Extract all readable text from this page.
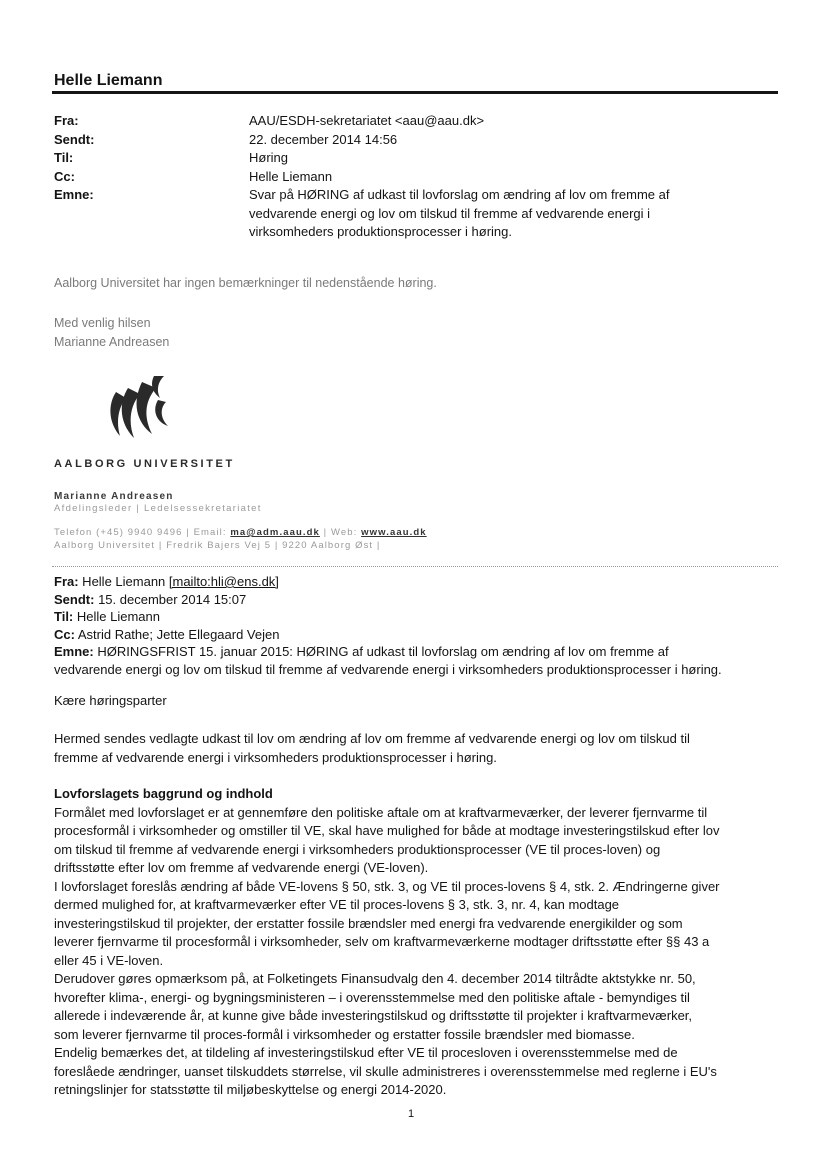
Helle Liemann
Fra:
Sendt:
Til:
Cc:
Emne:
AAU/ESDH-sekretariatet <aau@aau.dk>
22. december 2014 14:56
Høring
Helle Liemann
Svar på HØRING af udkast til lovforslag om ændring af lov om fremme af
vedvarende energi og lov om tilskud til fremme af vedvarende energi i
virksomheders produktionsprocesser i høring.
Aalborg Universitet har ingen bemærkninger til nedenstående høring.
Med venlig hilsen
Marianne Andreasen
AALBORG UNIVERSITET
Marianne Andreasen
Afdelingsleder | Ledelsessekretariatet
Telefon (+45) 9940 9496 | Email: ma@adm.aau.dk | Web: www.aau.dk
Aalborg Universitet | Fredrik Bajers Vej 5 | 9220 Aalborg Øst |
Fra: Helle Liemann [mailto:hli@ens.dk]
Sendt: 15. december 2014 15:07
Til: Helle Liemann
Cc: Astrid Rathe; Jette Ellegaard Vejen
Emne: HØRINGSFRIST 15. januar 2015: HØRING af udkast til lovforslag om ændring af lov om fremme af
vedvarende energi og lov om tilskud til fremme af vedvarende energi i virksomheders produktionsprocesser i høring.
Kære høringsparter
Hermed sendes vedlagte udkast til lov om ændring af lov om fremme af vedvarende energi og lov om tilskud til
fremme af vedvarende energi i virksomheders produktionsprocesser i høring.
Lovforslagets baggrund og indhold
Formålet med lovforslaget er at gennemføre den politiske aftale om at kraftvarmeværker, der leverer fjernvarme til
procesformål i virksomheder og omstiller til VE, skal have mulighed for både at modtage investeringstilskud efter lov
om tilskud til fremme af vedvarende energi i virksomheders produktionsprocesser (VE til proces-loven) og
driftsstøtte efter lov om fremme af vedvarende energi (VE-loven).
I lovforslaget foreslås ændring af både VE-lovens § 50, stk. 3, og VE til proces-lovens § 4, stk. 2. Ændringerne giver
dermed mulighed for, at kraftvarmeværker efter VE til proces-lovens § 3, stk. 3, nr. 4, kan modtage
investeringstilskud til projekter, der erstatter fossile brændsler med energi fra vedvarende energikilder og som
leverer fjernvarme til procesformål i virksomheder, selv om kraftvarmeværkerne modtager driftsstøtte efter §§ 43 a
eller 45 i VE-loven.
Derudover gøres opmærksom på, at Folketingets Finansudvalg den 4. december 2014 tiltrådte aktstykke nr. 50,
hvorefter klima-, energi- og bygningsministeren – i overensstemmelse med den politiske aftale - bemyndiges til
allerede i indeværende år, at kunne give både investeringstilskud og driftsstøtte til projekter i kraftvarmeværker,
som leverer fjernvarme til proces-formål i virksomheder og erstatter fossile brændsler med biomasse.
Endelig bemærkes det, at tildeling af investeringstilskud efter VE til procesloven i overensstemmelse med de
foreslåede ændringer, uanset tilskuddets størrelse, vil skulle administreres i overensstemmelse med reglerne i EU's
retningslinjer for statsstøtte til miljøbeskyttelse og energi 2014-2020.
1
